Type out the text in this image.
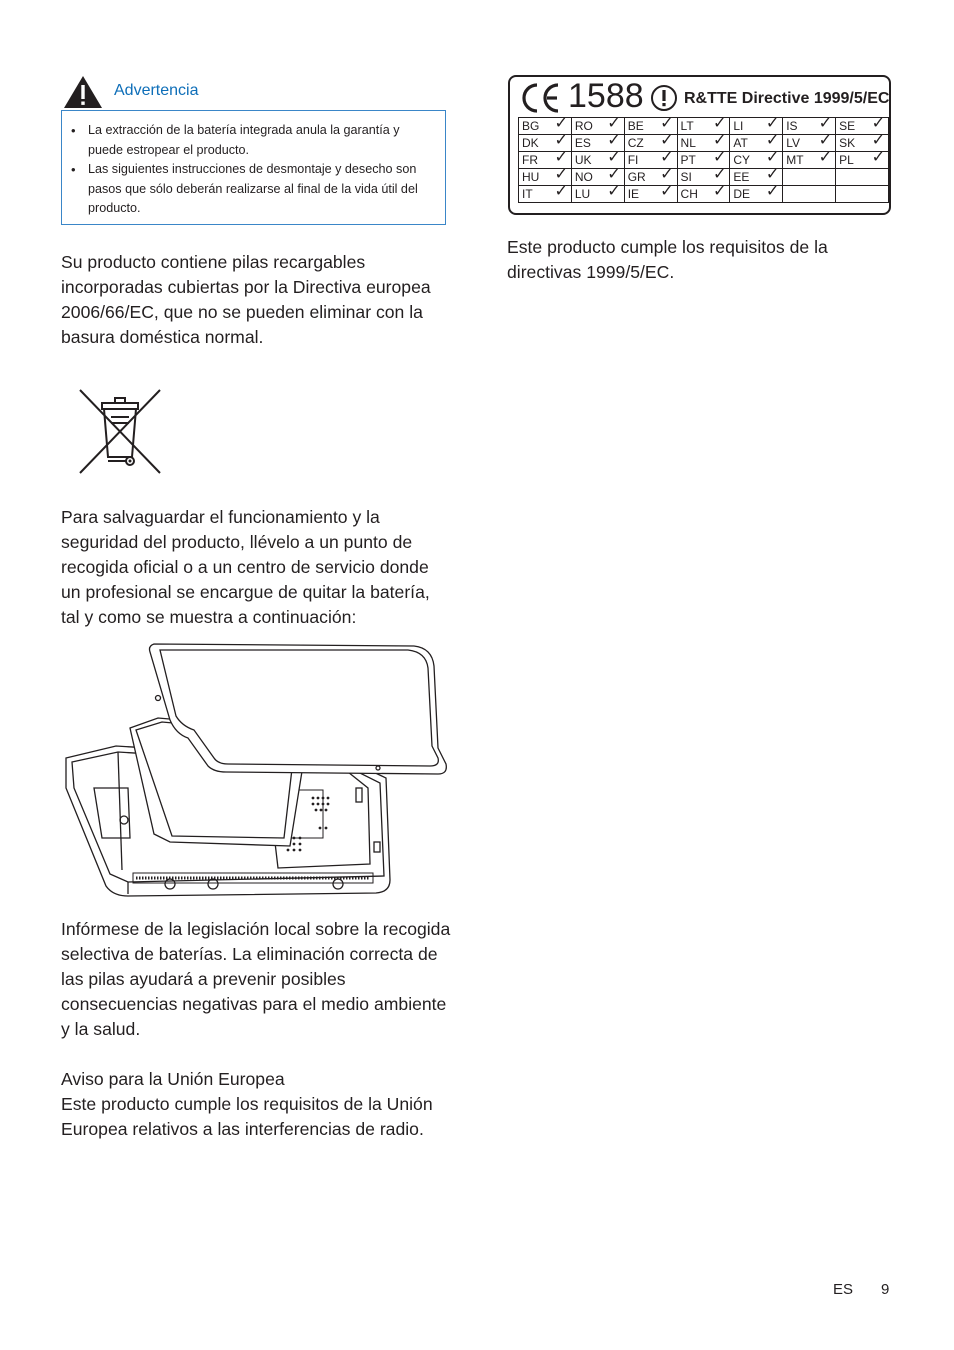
Advertencia
• La extracción de la batería integrada anula la garantía y puede estropear el producto.
• Las siguientes instrucciones de desmontaje y desecho son pasos que sólo deberán realizarse al final de la vida útil del producto.
Su producto contiene pilas recargables incorporadas cubiertas por la Directiva europea 2006/66/EC, que no se pueden eliminar con la basura doméstica normal.
Para salvaguardar el funcionamiento y la seguridad del producto, llévelo a un punto de recogida oficial o a un centro de servicio donde un profesional se encargue de quitar la batería, tal y como se muestra a continuación:
Infórmese de la legislación local sobre la recogida selectiva de baterías. La eliminación correcta de las pilas ayudará a prevenir posibles consecuencias negativas para el medio ambiente y la salud.
Aviso para la Unión Europea
Este producto cumple los requisitos de la Unión Europea relativos a las interferencias de radio.
1588	R&TTE Directive 1999/5/EC
BG ✓	RO ✓	BE ✓	LT ✓	LI ✓	IS ✓	SE ✓

DK ✓	ES ✓	CZ ✓	NL ✓	AT ✓	LV ✓	SK ✓

FR ✓	UK ✓	FI ✓	PT ✓	CY ✓	MT ✓	PL ✓

HU ✓	NO ✓	GR ✓	SI ✓	EE ✓		

IT ✓	LU ✓	IE ✓	CH ✓	DE ✓		

Este producto cumple los requisitos de la directivas 1999/5/EC.
ES 9
